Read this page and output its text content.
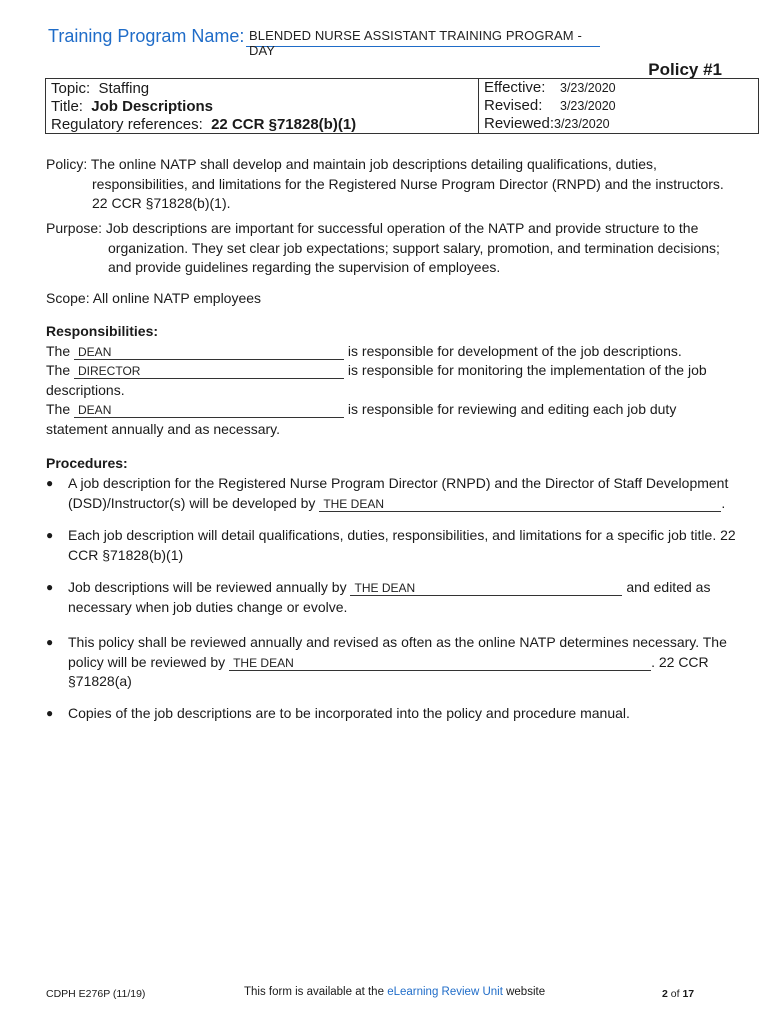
Training Program Name: BLENDED NURSE ASSISTANT TRAINING PROGRAM -DAY
Policy #1
Topic: Staffing	Effective: 3/23/2020
Title: Job Descriptions	Revised: 3/23/2020
Regulatory references: 22 CCR §71828(b)(1)	Reviewed:3/23/2020
Policy: The online NATP shall develop and maintain job descriptions detailing qualifications, duties,
responsibilities, and limitations for the Registered Nurse Program Director (RNPD) and the instructors.
22 CCR §71828(b)(1).
Purpose: Job descriptions are important for successful operation of the NATP and provide structure to the
organization. They set clear job expectations; support salary, promotion, and termination decisions;
and provide guidelines regarding the supervision of employees.
Scope: All online NATP employees
Responsibilities:
The DEAN	is responsible for development of the job descriptions.
The DIRECTOR	is responsible for monitoring the implementation of the job
descriptions.
The DEAN	is responsible for reviewing and editing each job duty
statement annually and as necessary.
Procedures:
● A job description for the Registered Nurse Program Director (RNPD) and the Director of Staff Development
(DSD)/Instructor(s) will be developed by THE DEAN	.
● Each job description will detail qualifications, duties, responsibilities, and limitations for a specific job title. 22
CCR §71828(b)(1)
● Job descriptions will be reviewed annually by THE DEAN	and edited as
necessary when job duties change or evolve.
● This policy shall be reviewed annually and revised as often as the online NATP determines necessary. The
policy will be reviewed by THE DEAN	. 22 CCR
§71828(a)
● Copies of the job descriptions are to be incorporated into the policy and procedure manual.
CDPH E276P (11/19)	This form is available at the eLearning Review Unit website	2 of 17
